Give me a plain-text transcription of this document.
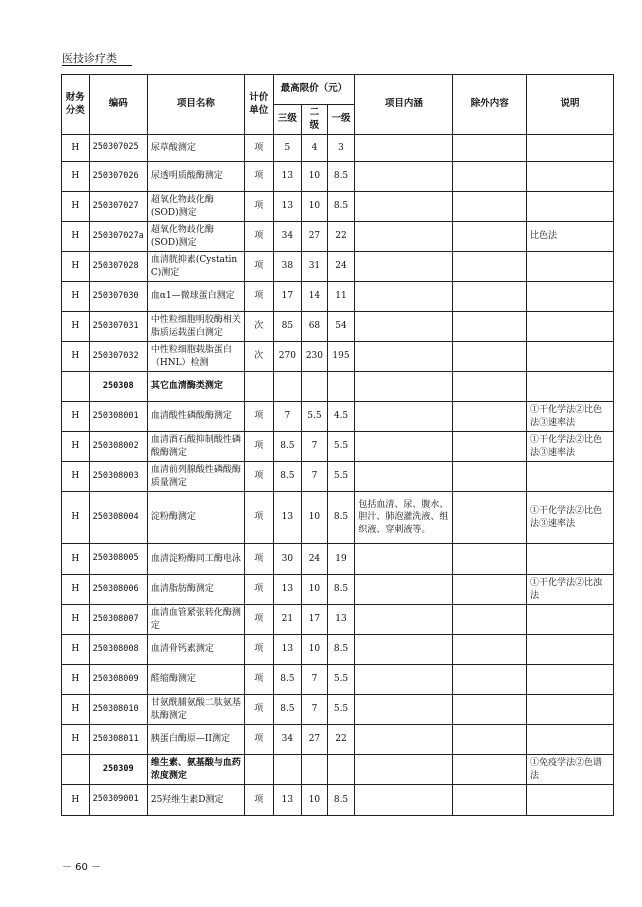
医技诊疗类
财务分类	编码	项目名称	计价单位	最高限价（元）			项目内涵	除外内容	说明
				三级	二级	一级			
H	250307025	尿草酸测定	项	5	4	3			
H	250307026	尿透明质酸酶测定	项	13	10	8.5			
H	250307027	超氧化物歧化酶(SOD)测定	项	13	10	8.5			
H	250307027a	超氧化物歧化酶(SOD)测定	项	34	27	22			比色法
H	250307028	血清胱抑素(Cystatin C)测定	项	38	31	24			
H	250307030	血α1—微球蛋白测定	项	17	14	11			
H	250307031	中性粒细胞明胶酶相关脂质运载蛋白测定	次	85	68	54			
H	250307032	中性粒细胞载脂蛋白（HNL）检测	次	270	230	195			
	250308	其它血清酶类测定							
H	250308001	血清酸性磷酸酶测定	项	7	5.5	4.5			①干化学法②比色法③速率法
H	250308002	血清酒石酸抑制酸性磷酸酶测定	项	8.5	7	5.5			①干化学法②比色法③速率法
H	250308003	血清前列腺酸性磷酸酶质量测定	项	8.5	7	5.5			
H	250308004	淀粉酶测定	项	13	10	8.5	包括血清、尿、腹水、胆汁、肺泡灌洗液、组织液、穿刺液等。		①干化学法②比色法③速率法
H	250308005	血清淀粉酶同工酶电泳	项	30	24	19			
H	250308006	血清脂肪酶测定	项	13	10	8.5			①干化学法②比浊法
H	250308007	血清血管紧张转化酶测定	项	21	17	13			
H	250308008	血清骨钙素测定	项	13	10	8.5			
H	250308009	醛缩酶测定	项	8.5	7	5.5			
H	250308010	甘氨酰脯氨酸二肽氨基肽酶测定	项	8.5	7	5.5			
H	250308011	胰蛋白酶原—II测定	项	34	27	22			
	250309	维生素、氨基酸与血药浓度测定							①免疫学法②色谱法
H	250309001	25羟维生素D测定	项	13	10	8.5			
－ 60 －
